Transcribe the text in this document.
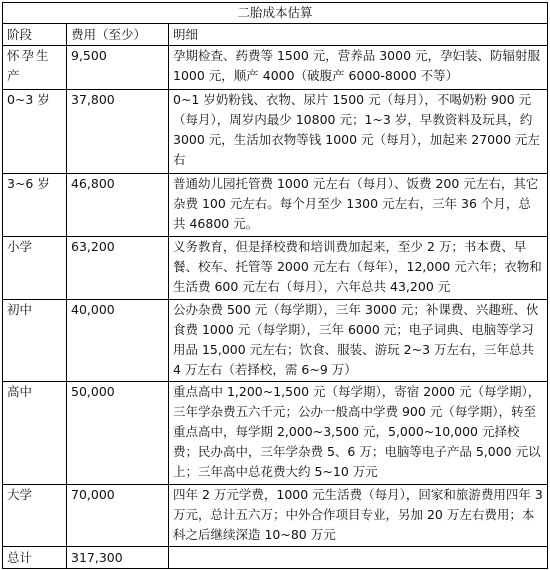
二胎成本估算		
阶段	费用（至少）	明细
怀孕生产	9,500	孕期检查、药费等 1500 元，营养品 3000 元，孕妇装、防辐射服 1000 元，顺产 4000（破腹产 6000-8000 不等）
0~3 岁	37,800	0~1 岁奶粉钱、衣物、尿片 1500 元（每月），不喝奶粉 900 元（每月），周岁内最少 10800 元；1~3 岁，早教资料及玩具，约 3000 元，生活加衣物等钱 1000 元（每月），加起来 27000 元左右
3~6 岁	46,800	普通幼儿园托管费 1000 元左右（每月）、饭费 200 元左右，其它杂费 100 元左右。每个月至少 1300 元左右，三年 36 个月，总共 46800 元。
小学	63,200	义务教育，但是择校费和培训费加起来，至少 2 万；书本费、早餐、校车、托管等 2000 元左右（每年），12,000 元六年；衣物和生活费 600 元左右（每月），六年总共 43,200 元
初中	40,000	公办杂费 500 元（每学期），三年 3000 元；补课费、兴趣班、伙食费 1000 元（每学期），三年 6000 元；电子词典、电脑等学习用品 15,000 元左右；饮食、服装、游玩 2~3 万左右，三年总共 4 万左右（若择校，需 6~9 万）
高中	50,000	重点高中 1,200~1,500 元（每学期），寄宿 2000 元（每学期），三年学杂费五六千元；公办一般高中学费 900 元（每学期），转至重点高中，每学期 2,000~3,500 元，5,000~10,000 元择校费；民办高中，三年学杂费 5、6 万；电脑等电子产品 5,000 元以上；三年高中总花费大约 5~10 万元
大学	70,000	四年 2 万元学费，1000 元生活费（每月），回家和旅游费用四年 3 万元，总计五六万；中外合作项目专业，另加 20 万左右费用；本科之后继续深造 10~80 万元
总计	317,300	
